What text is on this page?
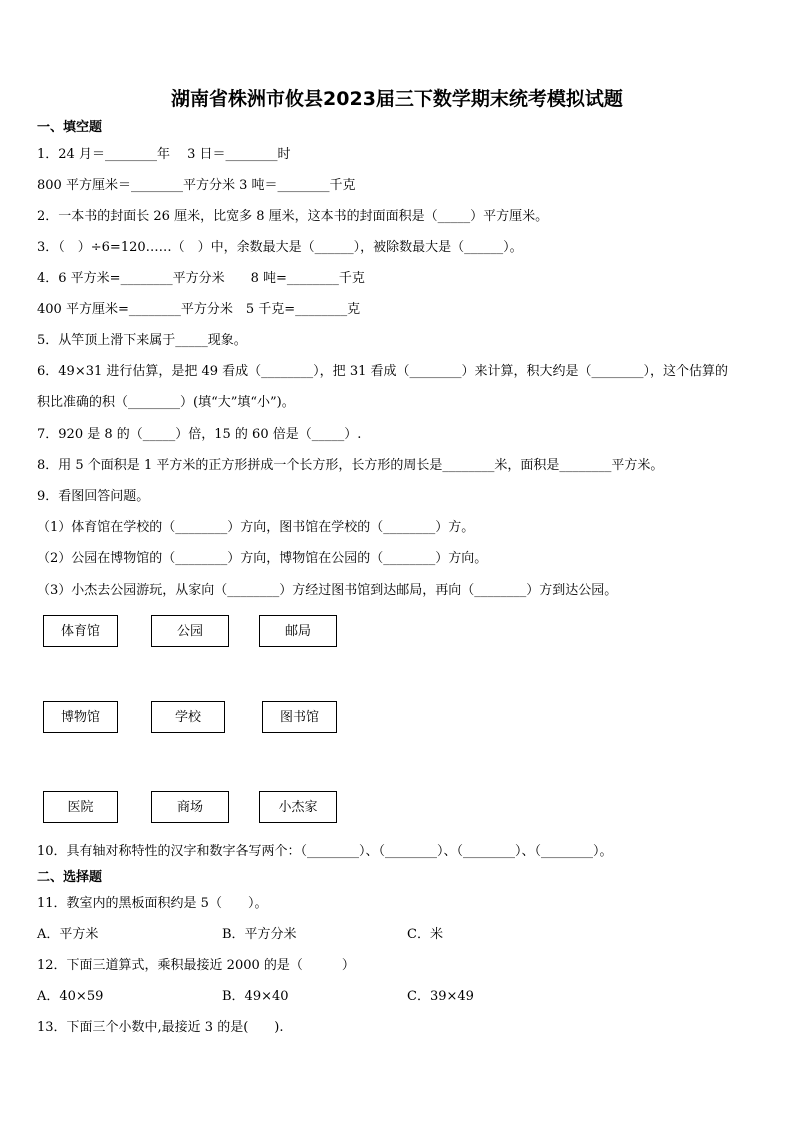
湖南省株洲市攸县2023届三下数学期末统考模拟试题
一、填空题
1．24 月＝________年　 3 日＝________时
800 平方厘米＝________平方分米 3 吨＝________千克
2．一本书的封面长 26 厘米，比宽多 8 厘米，这本书的封面面积是（_____）平方厘米。
3．（　）÷6=120……（　）中，余数最大是（______），被除数最大是（______）。
4．6 平方米=________平方分米　　8 吨=________千克
400 平方厘米=________平方分米　5 千克=________克
5．从竿顶上滑下来属于_____现象。
6．49×31 进行估算，是把 49 看成（________），把 31 看成（________）来计算，积大约是（________），这个估算的
积比准确的积（________）(填“大”填“小”)。
7．920 是 8 的（_____）倍，15 的 60 倍是（_____）.
8．用 5 个面积是 1 平方米的正方形拼成一个长方形，长方形的周长是________米，面积是________平方米。
9．看图回答问题。
（1）体育馆在学校的（________）方向，图书馆在学校的（________）方。
（2）公园在博物馆的（________）方向，博物馆在公园的（________）方向。
（3）小杰去公园游玩，从家向（________）方经过图书馆到达邮局，再向（________）方到达公园。
体育馆	公园	邮局
博物馆	学校	图书馆
医院	商场	小杰家
10．具有轴对称特性的汉字和数字各写两个：（________）、（________）、（________）、（________）。
二、选择题
11．教室内的黑板面积约是 5（　　）。
A．平方米	B．平方分米	C．米
12．下面三道算式，乘积最接近 2000 的是（　　　）
A．40×59	B．49×40	C．39×49
13．下面三个小数中,最接近 3 的是(　　).
